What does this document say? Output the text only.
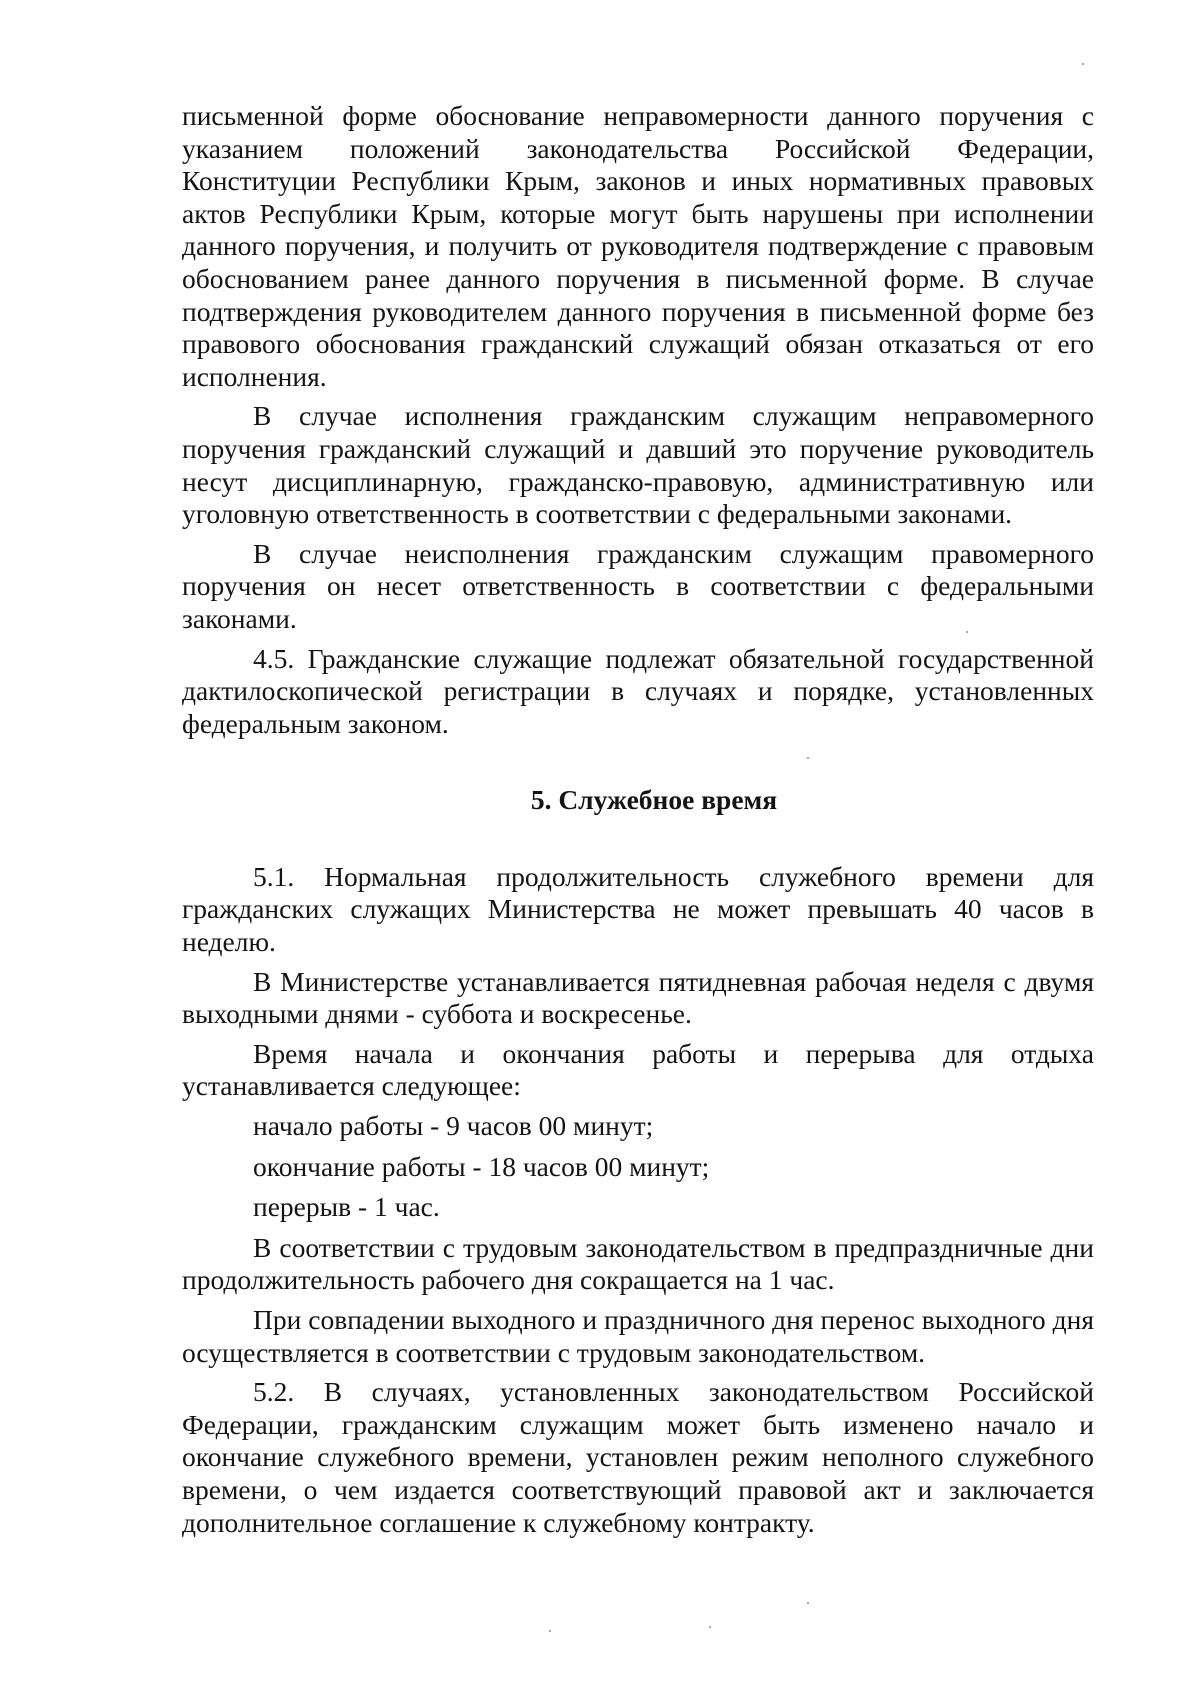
письменной форме обоснование неправомерности данного поручения с указанием положений законодательства Российской Федерации, Конституции Республики Крым, законов и иных нормативных правовых актов Республики Крым, которые могут быть нарушены при исполнении данного поручения, и получить от руководителя подтверждение с правовым обоснованием ранее данного поручения в письменной форме. В случае подтверждения руководителем данного поручения в письменной форме без правового обоснования гражданский служащий обязан отказаться от его исполнения.

В случае исполнения гражданским служащим неправомерного поручения гражданский служащий и давший это поручение руководитель несут дисциплинарную, гражданско-правовую, административную или уголовную ответственность в соответствии с федеральными законами.

В случае неисполнения гражданским служащим правомерного поручения он несет ответственность в соответствии с федеральными законами.

4.5. Гражданские служащие подлежат обязательной государственной дактилоскопической регистрации в случаях и порядке, установленных федеральным законом.

5. Служебное время

5.1. Нормальная продолжительность служебного времени для гражданских служащих Министерства не может превышать 40 часов в неделю.

В Министерстве устанавливается пятидневная рабочая неделя с двумя выходными днями - суббота и воскресенье.

Время начала и окончания работы и перерыва для отдыха устанавливается следующее:

начало работы - 9 часов 00 минут;
окончание работы - 18 часов 00 минут;
перерыв - 1 час.

В соответствии с трудовым законодательством в предпраздничные дни продолжительность рабочего дня сокращается на 1 час.

При совпадении выходного и праздничного дня перенос выходного дня осуществляется в соответствии с трудовым законодательством.

5.2. В случаях, установленных законодательством Российской Федерации, гражданским служащим может быть изменено начало и окончание служебного времени, установлен режим неполного служебного времени, о чем издается соответствующий правовой акт и заключается дополнительное соглашение к служебному контракту.
